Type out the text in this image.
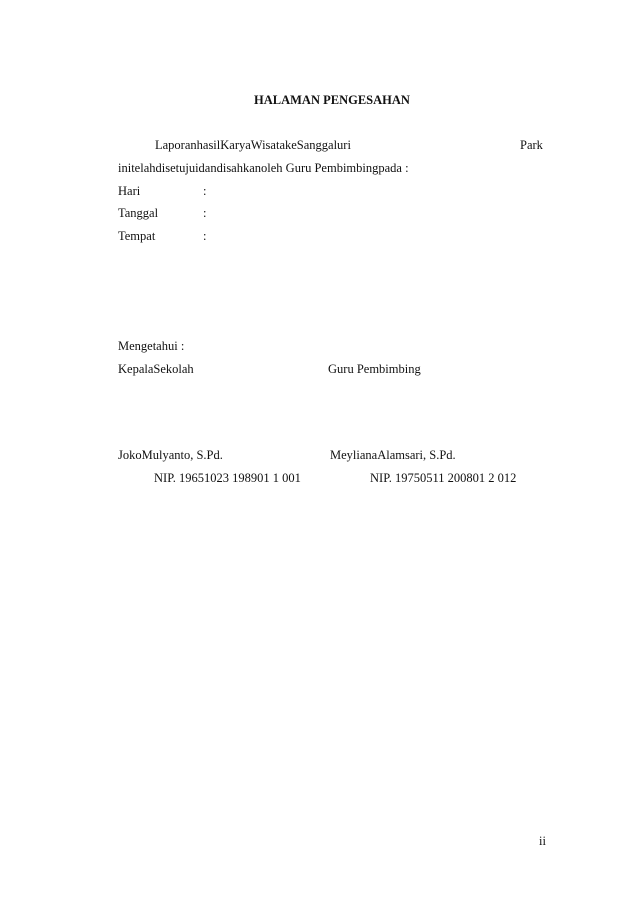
HALAMAN PENGESAHAN
LaporanhasilKaryaWisatakeSanggaluri	Park
initelahdisetujuidandisahkanoleh Guru Pembimbingpada :
Hari	:
Tanggal	:
Tempat	:
Mengetahui :
KepalaSekolah	Guru Pembimbing
JokoMulyanto, S.Pd.	MeylianaAlamsari, S.Pd.
NIP. 19651023 198901 1 001	NIP. 19750511 200801 2 012
ii
